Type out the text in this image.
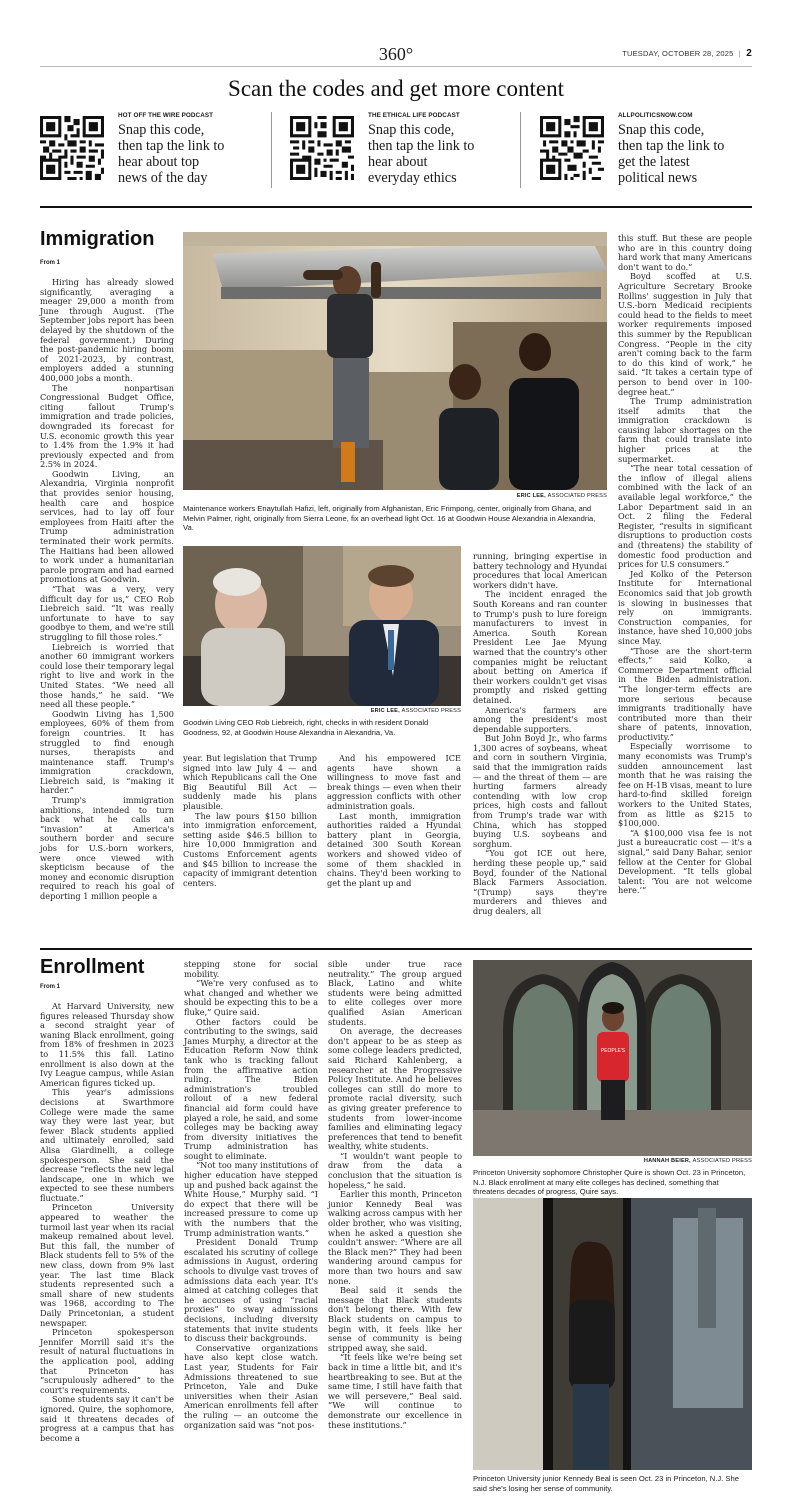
360°	TUESDAY, OCTOBER 28, 2025 | 2
Scan the codes and get more content
HOT OFF THE WIRE PODCAST
Snap this code, then tap the link to hear about top news of the day
THE ETHICAL LIFE PODCAST
Snap this code, then tap the link to hear about everyday ethics
ALLPOLITICSNOW.COM
Snap this code, then tap the link to get the latest political news
Immigration
From 1

Hiring has already slowed significantly, averaging a meager 29,000 a month from June through August. (The September jobs report has been delayed by the shutdown of the federal government.) During the post-pandemic hiring boom of 2021-2023, by contrast, employers added a stunning 400,000 jobs a month.

The nonpartisan Congressional Budget Office, citing fallout Trump's immigration and trade policies, downgraded its forecast for U.S. economic growth this year to 1.4% from the 1.9% it had previously expected and from 2.5% in 2024.

Goodwin Living, an Alexandria, Virginia nonprofit that provides senior housing, health care and hospice services, had to lay off four employees from Haiti after the Trump administration terminated their work permits. The Haitians had been allowed to work under a humanitarian parole program and had earned promotions at Goodwin.

“That was a very, very difficult day for us,” CEO Rob Liebreich said. “It was really unfortunate to have to say goodbye to them, and we're still struggling to fill those roles.”

Liebreich is worried that another 60 immigrant workers could lose their temporary legal right to live and work in the United States. “We need all those hands,” he said. “We need all these people.”

Goodwin Living has 1,500 employees, 60% of them from foreign countries. It has struggled to find enough nurses, therapists and maintenance staff. Trump's immigration crackdown, Liebreich said, is “making it harder.”

Trump's immigration ambitions, intended to turn back what he calls an “invasion” at America's southern border and secure jobs for U.S.-born workers, were once viewed with skepticism because of the money and economic disruption required to reach his goal of deporting 1 million people a

ERIC LEE, ASSOCIATED PRESS
Maintenance workers Enaytullah Hafizi, left, originally from Afghanistan, Eric Frimpong, center, originally from Ghana, and Melvin Palmer, right, originally from Sierra Leone, fix an overhead light Oct. 16 at Goodwin House Alexandria in Alexandria, Va.
ERIC LEE, ASSOCIATED PRESS
Goodwin Living CEO Rob Liebreich, right, checks in with resident Donald Goodness, 92, at Goodwin House Alexandria in Alexandria, Va.

year. But legislation that Trump signed into law July 4 — and which Republicans call the One Big Beautiful Bill Act — suddenly made his plans plausible.

The law pours $150 billion into immigration enforcement, setting aside $46.5 billion to hire 10,000 Immigration and Customs Enforcement agents and $45 billion to increase the capacity of immigrant detention centers.

And his empowered ICE agents have shown a willingness to move fast and break things — even when their aggression conflicts with other administration goals.

Last month, immigration authorities raided a Hyundai battery plant in Georgia, detained 300 South Korean workers and showed video of some of them shackled in chains. They'd been working to get the plant up and

running, bringing expertise in battery technology and Hyundai procedures that local American workers didn't have.

The incident enraged the South Koreans and ran counter to Trump's push to lure foreign manufacturers to invest in America. South Korean President Lee Jae Myung warned that the country's other companies might be reluctant about betting on America if their workers couldn't get visas promptly and risked getting detained.

America's farmers are among the president's most dependable supporters.

But John Boyd Jr., who farms 1,300 acres of soybeans, wheat and corn in southern Virginia, said that the immigration raids — and the threat of them — are hurting farmers already contending with low crop prices, high costs and fallout from Trump's trade war with China, which has stopped buying U.S. soybeans and sorghum.

“You got ICE out here, herding these people up,” said Boyd, founder of the National Black Farmers Association. “(Trump) says they're murderers and thieves and drug dealers, all

this stuff. But these are people who are in this country doing hard work that many Americans don't want to do.”

Boyd scoffed at U.S. Agriculture Secretary Brooke Rollins' suggestion in July that U.S.-born Medicaid recipients could head to the fields to meet worker requirements imposed this summer by the Republican Congress. “People in the city aren't coming back to the farm to do this kind of work,” he said. “It takes a certain type of person to bend over in 100-degree heat.”

The Trump administration itself admits that the immigration crackdown is causing labor shortages on the farm that could translate into higher prices at the supermarket.

“The near total cessation of the inflow of illegal aliens combined with the lack of an available legal workforce,” the Labor Department said in an Oct. 2 filing the Federal Register, “results in significant disruptions to production costs and (threatens) the stability of domestic food production and prices for U.S consumers.”

Jed Kolko of the Peterson Institute for International Economics said that job growth is slowing in businesses that rely on immigrants. Construction companies, for instance, have shed 10,000 jobs since May.

“Those are the short-term effects,” said Kolko, a Commerce Department official in the Biden administration. “The longer-term effects are more serious because immigrants traditionally have contributed more than their share of patents, innovation, productivity.”

Especially worrisome to many economists was Trump's sudden announcement last month that he was raising the fee on H-1B visas, meant to lure hard-to-find skilled foreign workers to the United States, from as little as $215 to $100,000.

“A $100,000 visa fee is not just a bureaucratic cost — it's a signal,” said Dany Bahar, senior fellow at the Center for Global Development. “It tells global talent: ‘You are not welcome here.’”

Enrollment
From 1

At Harvard University, new figures released Thursday show a second straight year of waning Black enrollment, going from 18% of freshmen in 2023 to 11.5% this fall. Latino enrollment is also down at the Ivy League campus, while Asian American figures ticked up.

This year's admissions decisions at Swarthmore College were made the same way they were last year, but fewer Black students applied and ultimately enrolled, said Alisa Giardinelli, a college spokesperson. She said the decrease “reflects the new legal landscape, one in which we expected to see these numbers fluctuate.”

Princeton University appeared to weather the turmoil last year when its racial makeup remained about level. But this fall, the number of Black students fell to 5% of the new class, down from 9% last year. The last time Black students represented such a small share of new students was 1968, according to The Daily Princetonian, a student newspaper.

Princeton spokesperson Jennifer Morrill said it's the result of natural fluctuations in the application pool, adding that Princeton has “scrupulously adhered” to the court's requirements.

Some students say it can't be ignored. Quire, the sophomore, said it threatens decades of progress at a campus that has become a

stepping stone for social mobility.

“We're very confused as to what changed and whether we should be expecting this to be a fluke,” Quire said.

Other factors could be contributing to the swings, said James Murphy, a director at the Education Reform Now think tank who is tracking fallout from the affirmative action ruling. The Biden administration's troubled rollout of a new federal financial aid form could have played a role, he said, and some colleges may be backing away from diversity initiatives the Trump administration has sought to eliminate.

“Not too many institutions of higher education have stepped up and pushed back against the White House,” Murphy said. “I do expect that there will be increased pressure to come up with the numbers that the Trump administration wants.”

President Donald Trump escalated his scrutiny of college admissions in August, ordering schools to divulge vast troves of admissions data each year. It's aimed at catching colleges that he accuses of using “racial proxies” to sway admissions decisions, including diversity statements that invite students to discuss their backgrounds.

Conservative organizations have also kept close watch. Last year, Students for Fair Admissions threatened to sue Princeton, Yale and Duke universities when their Asian American enrollments fell after the ruling — an outcome the organization said was “not pos-

sible under true race neutrality.” The group argued Black, Latino and white students were being admitted to elite colleges over more qualified Asian American students.

On average, the decreases don't appear to be as steep as some college leaders predicted, said Richard Kahlenberg, a researcher at the Progressive Policy Institute. And he believes colleges can still do more to promote racial diversity, such as giving greater preference to students from lower-income families and eliminating legacy preferences that tend to benefit wealthy, white students.

“I wouldn't want people to draw from the data a conclusion that the situation is hopeless,” he said.

Earlier this month, Princeton junior Kennedy Beal was walking across campus with her older brother, who was visiting, when he asked a question she couldn't answer: “Where are all the Black men?” They had been wandering around campus for more than two hours and saw none.

Beal said it sends the message that Black students don't belong there. With few Black students on campus to begin with, it feels like her sense of community is being stripped away, she said.

“It feels like we're being set back in time a little bit, and it's heartbreaking to see. But at the same time, I still have faith that we will persevere,” Beal said. “We will continue to demonstrate our excellence in these institutions.”

PEOPLE'S
HANNAH BEIER, ASSOCIATED PRESS
Princeton University sophomore Christopher Quire is shown Oct. 23 in Princeton, N.J. Black enrollment at many elite colleges has declined, something that threatens decades of progress, Quire says.
Princeton University junior Kennedy Beal is seen Oct. 23 in Princeton, N.J. She said she's losing her sense of community.
